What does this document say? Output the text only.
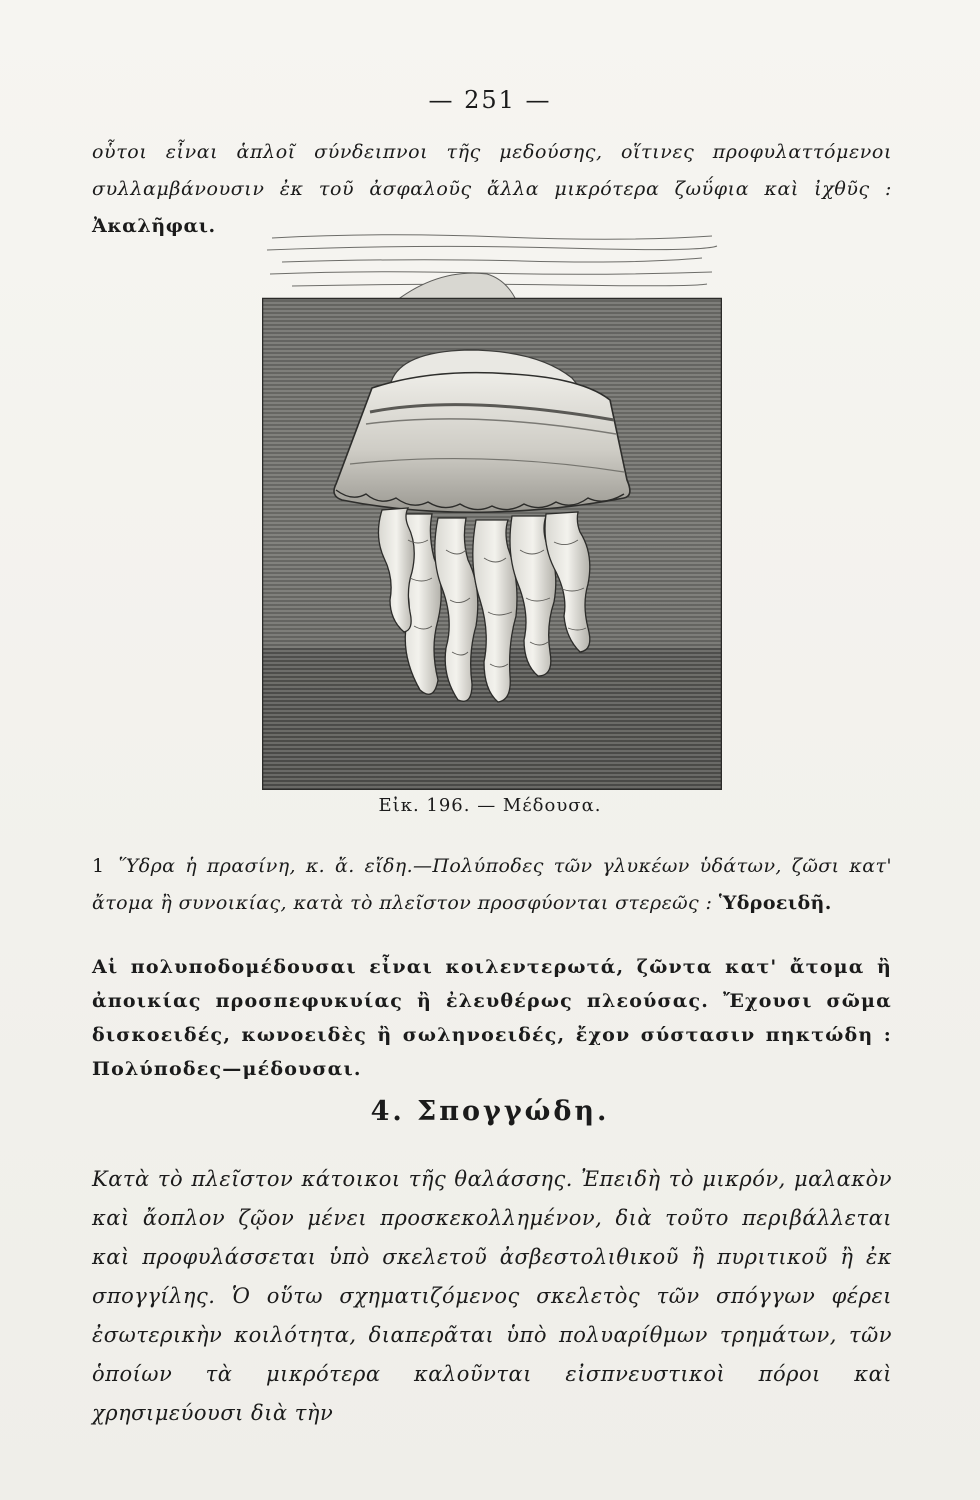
— 251 —
οὗτοι εἶναι ἁπλοῖ σύνδειπνοι τῆς μεδούσης, οἵτινες προφυλαττόμενοι συλλαμβάνουσιν ἐκ τοῦ ἀσφαλοῦς ἄλλα μικρότερα ζωΰφια καὶ ἰχθῦς : Ἀκαλῆφαι.
Εἰκ. 196. — Μέδουσα.
1 Ὕδρα ἡ πρασίνη, κ. ἄ. εἴδη.—Πολύποδες τῶν γλυκέων ὑδάτων, ζῶσι κατ' ἄτομα ἢ συνοικίας, κατὰ τὸ πλεῖστον προσφύονται στερεῶς : Ὑδροειδῆ.
Αἱ πολυποδομέδουσαι εἶναι κοιλεντερωτά, ζῶντα κατ' ἄτομα ἢ ἀποικίας προσπεφυκυίας ἢ ἐλευθέρως πλεούσας. Ἔχουσι σῶμα δισκοειδές, κωνοειδὲς ἢ σωληνοειδές, ἔχον σύστασιν πηκτώδη : Πολύποδες—μέδουσαι.
4. Σπογγώδη.
Κατὰ τὸ πλεῖστον κάτοικοι τῆς θαλάσσης. Ἐπειδὴ τὸ μικρόν, μαλακὸν καὶ ἄοπλον ζῷον μένει προσκεκολλημένον, διὰ τοῦτο περιβάλλεται καὶ προφυλάσσεται ὑπὸ σκελετοῦ ἀσβεστολιθικοῦ ἢ πυριτικοῦ ἢ ἐκ σπογγίλης. Ὁ οὕτω σχηματιζόμενος σκελετὸς τῶν σπόγγων φέρει ἐσωτερικὴν κοιλότητα, διαπερᾶται ὑπὸ πολυαρίθμων τρημάτων, τῶν ὁποίων τὰ μικρότερα καλοῦνται εἰσπνευστικοὶ πόροι καὶ χρησιμεύουσι διὰ τὴν
